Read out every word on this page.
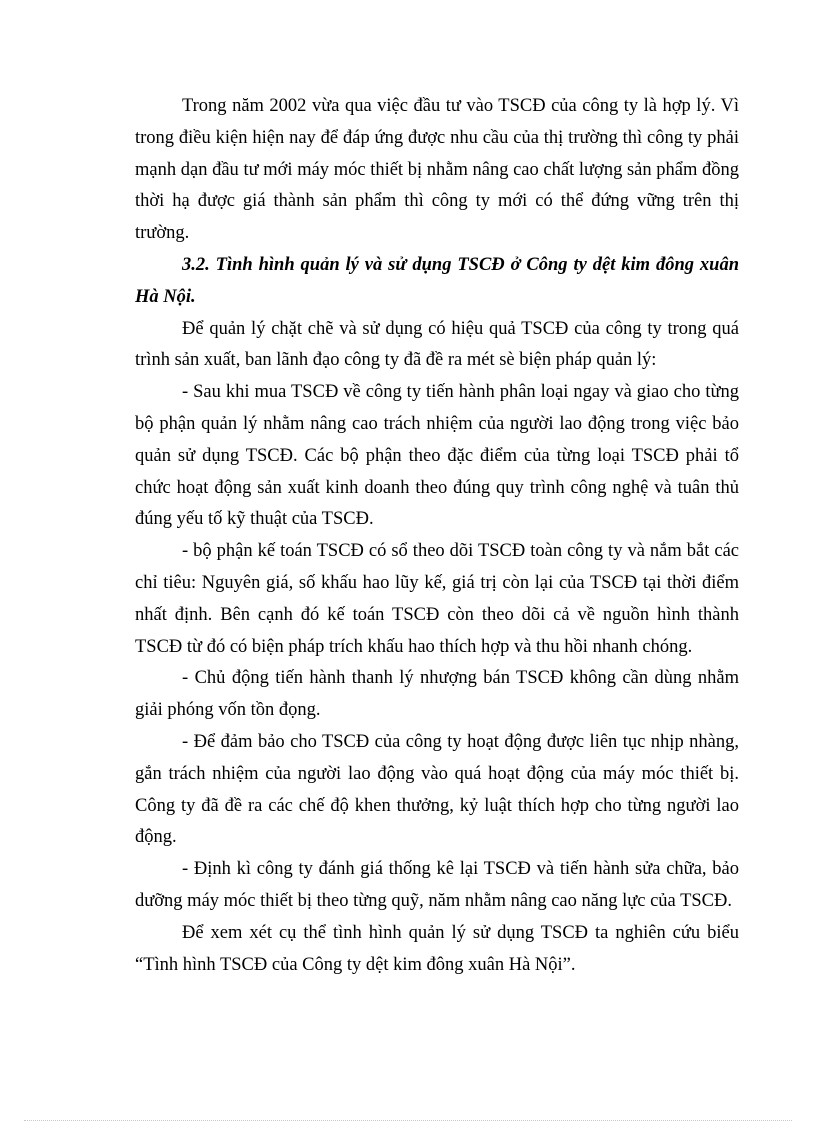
Trong năm 2002 vừa qua việc đầu tư vào TSCĐ của công ty là hợp lý. Vì trong điều kiện hiện nay để đáp ứng được nhu cầu của thị trường thì công ty phải mạnh dạn đầu tư mới máy móc thiết bị nhằm nâng cao chất lượng sản phẩm đồng thời hạ được giá thành sản phẩm thì công ty mới có thể đứng vững trên thị trường.

3.2. Tình hình quản lý và sử dụng TSCĐ ở Công ty dệt kim đông xuân Hà Nội.

Để quản lý chặt chẽ và sử dụng có hiệu quả TSCĐ của công ty trong quá trình sản xuất, ban lãnh đạo công ty đã đề ra mét sè biện pháp quản lý:

- Sau khi mua TSCĐ về công ty tiến hành phân loại ngay và giao cho từng bộ phận quản lý nhằm nâng cao trách nhiệm của người lao động trong việc bảo quản sử dụng TSCĐ. Các bộ phận theo đặc điểm của từng loại TSCĐ phải tổ chức hoạt động sản xuất kinh doanh theo đúng quy trình công nghệ và tuân thủ đúng yếu tố kỹ thuật của TSCĐ.

- bộ phận kế toán TSCĐ có sổ theo dõi TSCĐ toàn công ty và nắm bắt các chỉ tiêu: Nguyên giá, số khấu hao lũy kế, giá trị còn lại của TSCĐ tại thời điểm nhất định. Bên cạnh đó kế toán TSCĐ còn theo dõi cả về nguồn hình thành TSCĐ từ đó có biện pháp trích khấu hao thích hợp và thu hồi nhanh chóng.

- Chủ động tiến hành thanh lý nhượng bán TSCĐ không cần dùng nhằm giải phóng vốn tồn đọng.

- Để đảm bảo cho TSCĐ của công ty hoạt động được liên tục nhịp nhàng, gắn trách nhiệm của người lao động vào quá hoạt động của máy móc thiết bị. Công ty đã đề ra các chế độ khen thưởng, kỷ luật thích hợp cho từng người lao động.

- Định kì công ty đánh giá thống kê lại TSCĐ và tiến hành sửa chữa, bảo dưỡng máy móc thiết bị theo từng quỹ, năm nhằm nâng cao năng lực của TSCĐ.

Để xem xét cụ thể tình hình quản lý sử dụng TSCĐ ta nghiên cứu biểu “Tình hình TSCĐ của Công ty dệt kim đông xuân Hà Nội”.
